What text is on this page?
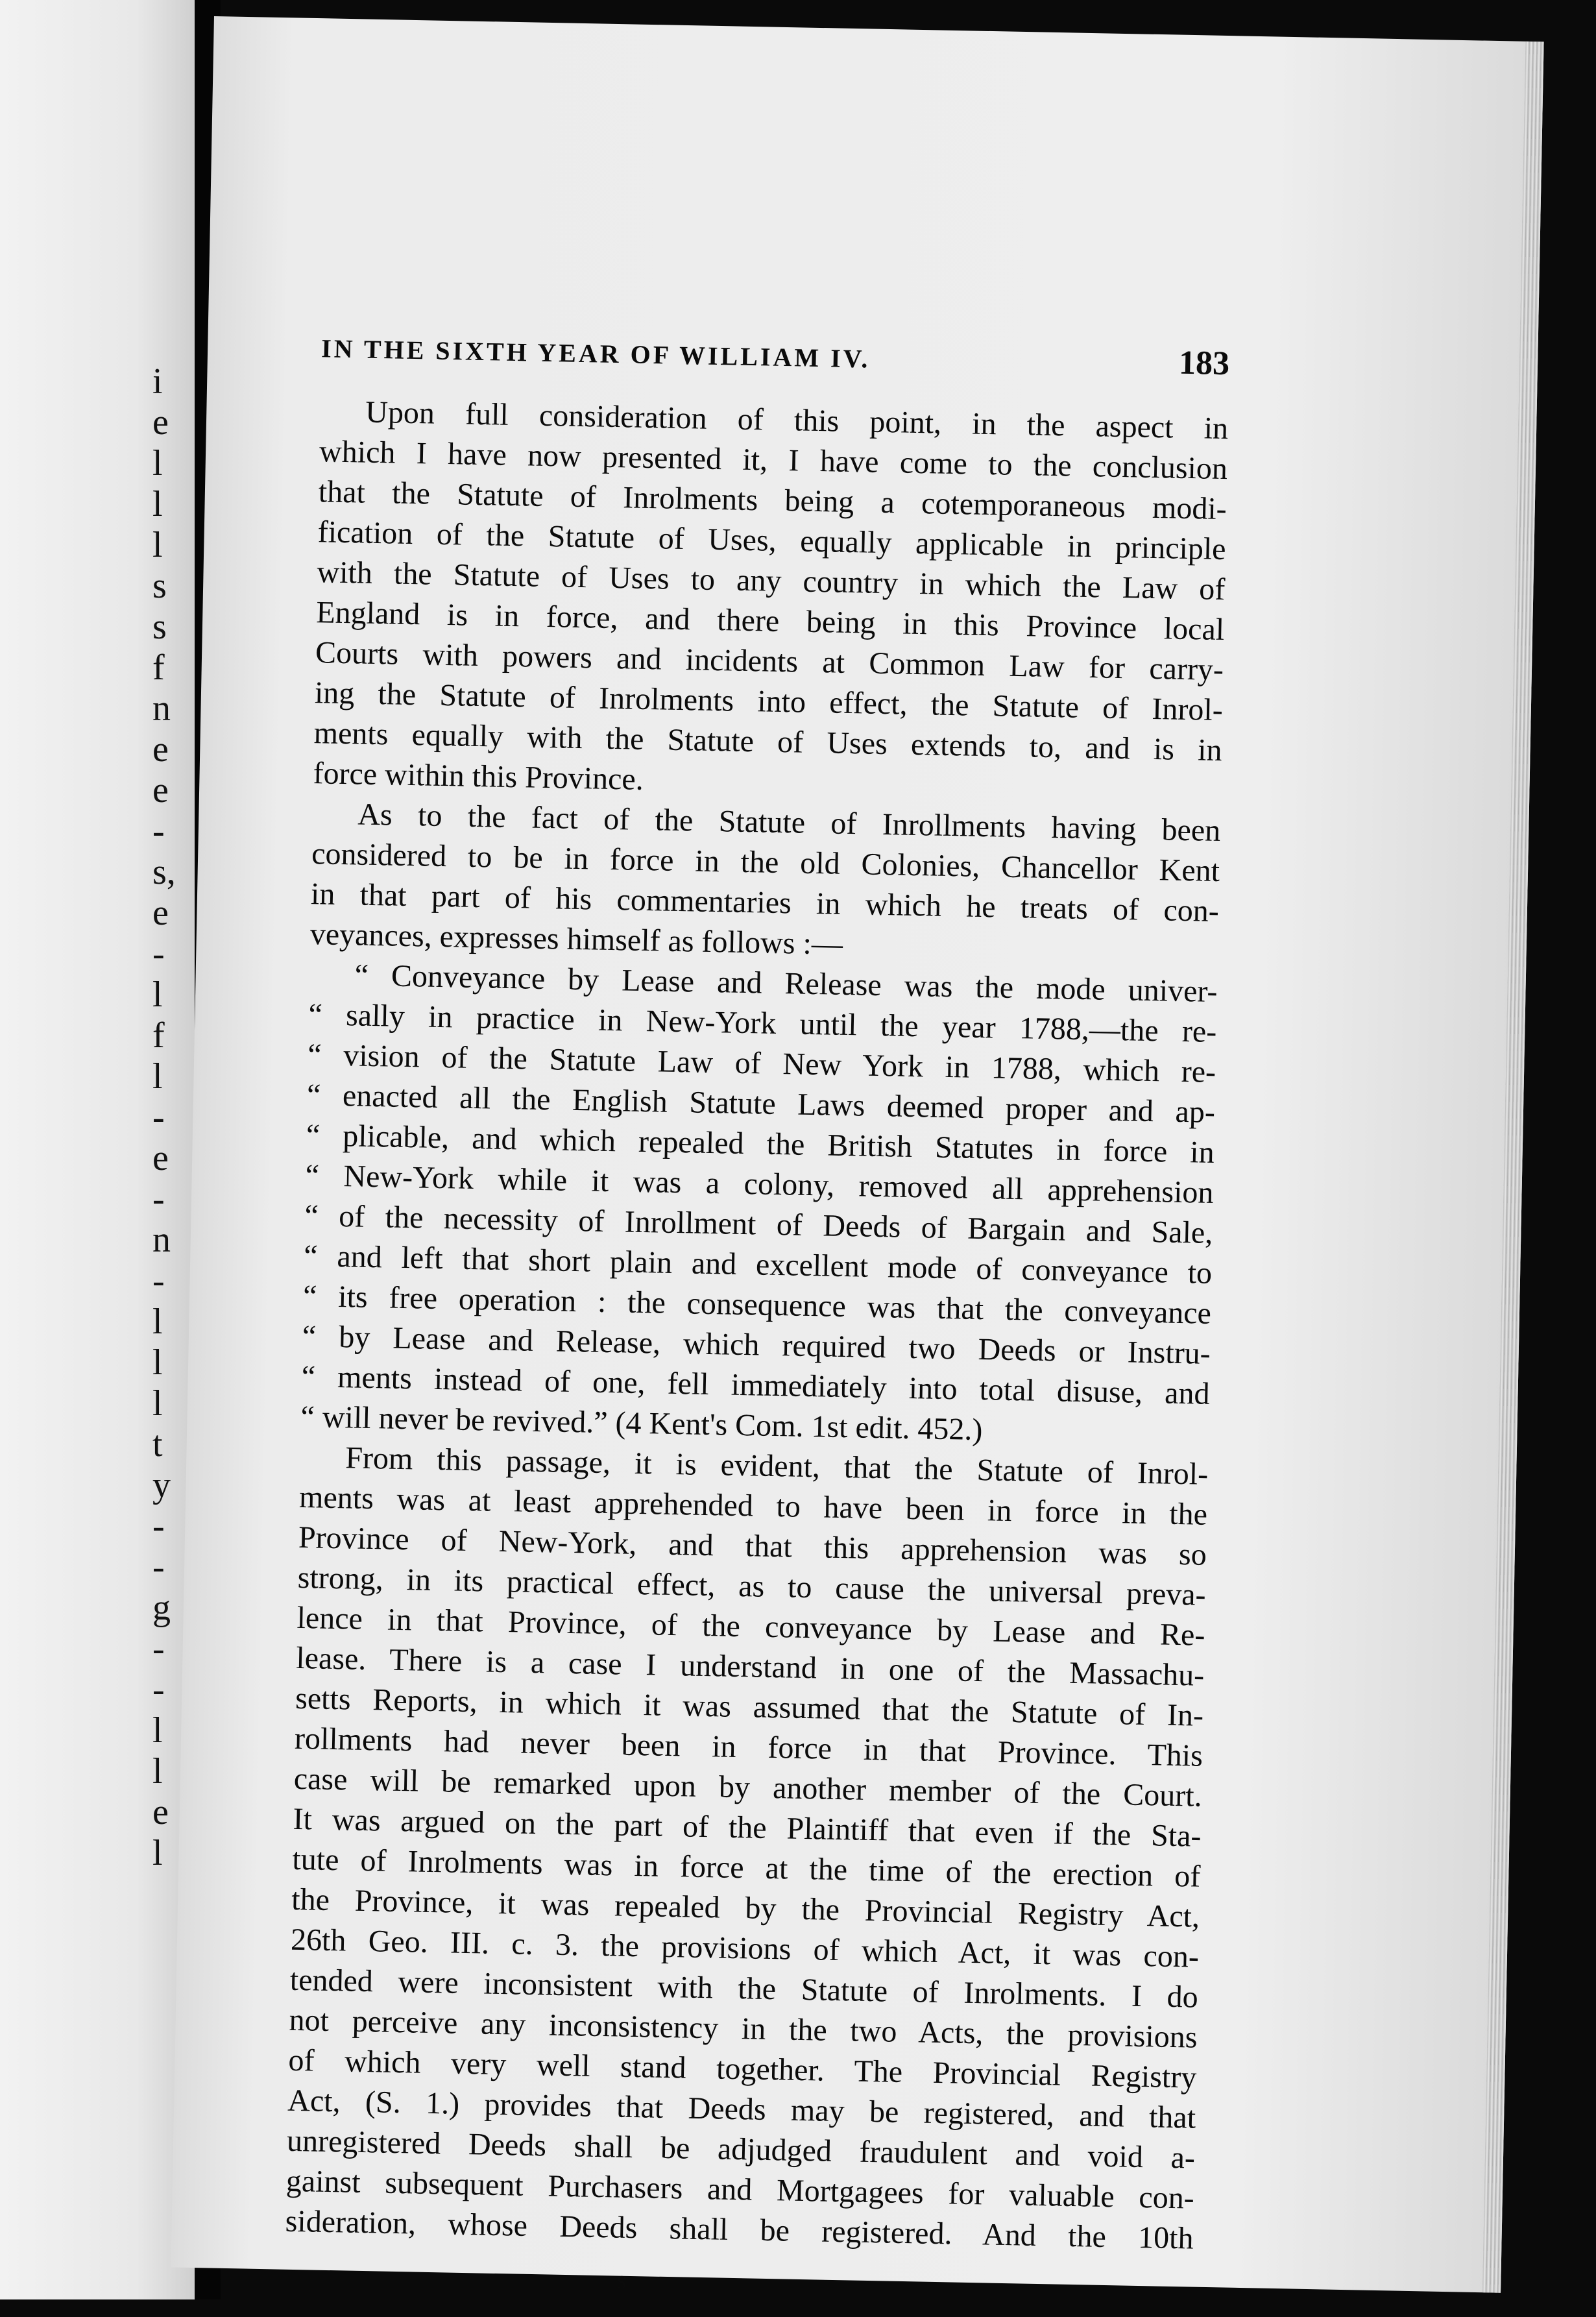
i
e
l
l
l
s
s
f
n
e
e
-
s,
e
-
l
f
l
-
e
-
n
-
l
l
l
t
y
-
-
g
-
-
l
l
e
l
IN THE SIXTH YEAR OF WILLIAM IV.	183
Upon full consideration of this point, in the aspect in
which I have now presented it, I have come to the conclusion
that the Statute of Inrolments being a cotemporaneous modi-
fication of the Statute of Uses, equally applicable in principle
with the Statute of Uses to any country in which the Law of
England is in force, and there being in this Province local
Courts with powers and incidents at Common Law for carry-
ing the Statute of Inrolments into effect, the Statute of Inrol-
ments equally with the Statute of Uses extends to, and is in
force within this Province.
As to the fact of the Statute of Inrollments having been
considered to be in force in the old Colonies, Chancellor Kent
in that part of his commentaries in which he treats of con-
veyances, expresses himself as follows :—
“ Conveyance by Lease and Release was the mode univer-
“ sally in practice in New-York until the year 1788,—the re-
“ vision of the Statute Law of New York in 1788, which re-
“ enacted all the English Statute Laws deemed proper and ap-
“ plicable, and which repealed the British Statutes in force in
“ New-York while it was a colony, removed all apprehension
“ of the necessity of Inrollment of Deeds of Bargain and Sale,
“ and left that short plain and excellent mode of conveyance to
“ its free operation : the consequence was that the conveyance
“ by Lease and Release, which required two Deeds or Instru-
“ ments instead of one, fell immediately into total disuse, and
“ will never be revived.” (4 Kent's Com. 1st edit. 452.)
From this passage, it is evident, that the Statute of Inrol-
ments was at least apprehended to have been in force in the
Province of New-York, and that this apprehension was so
strong, in its practical effect, as to cause the universal preva-
lence in that Province, of the conveyance by Lease and Re-
lease. There is a case I understand in one of the Massachu-
setts Reports, in which it was assumed that the Statute of In-
rollments had never been in force in that Province. This
case will be remarked upon by another member of the Court.
It was argued on the part of the Plaintiff that even if the Sta-
tute of Inrolments was in force at the time of the erection of
the Province, it was repealed by the Provincial Registry Act,
26th Geo. III. c. 3. the provisions of which Act, it was con-
tended were inconsistent with the Statute of Inrolments. I do
not perceive any inconsistency in the two Acts, the provisions
of which very well stand together. The Provincial Registry
Act, (S. 1.) provides that Deeds may be registered, and that
unregistered Deeds shall be adjudged fraudulent and void a-
gainst subsequent Purchasers and Mortgagees for valuable con-
sideration, whose Deeds shall be registered. And the 10th
s
